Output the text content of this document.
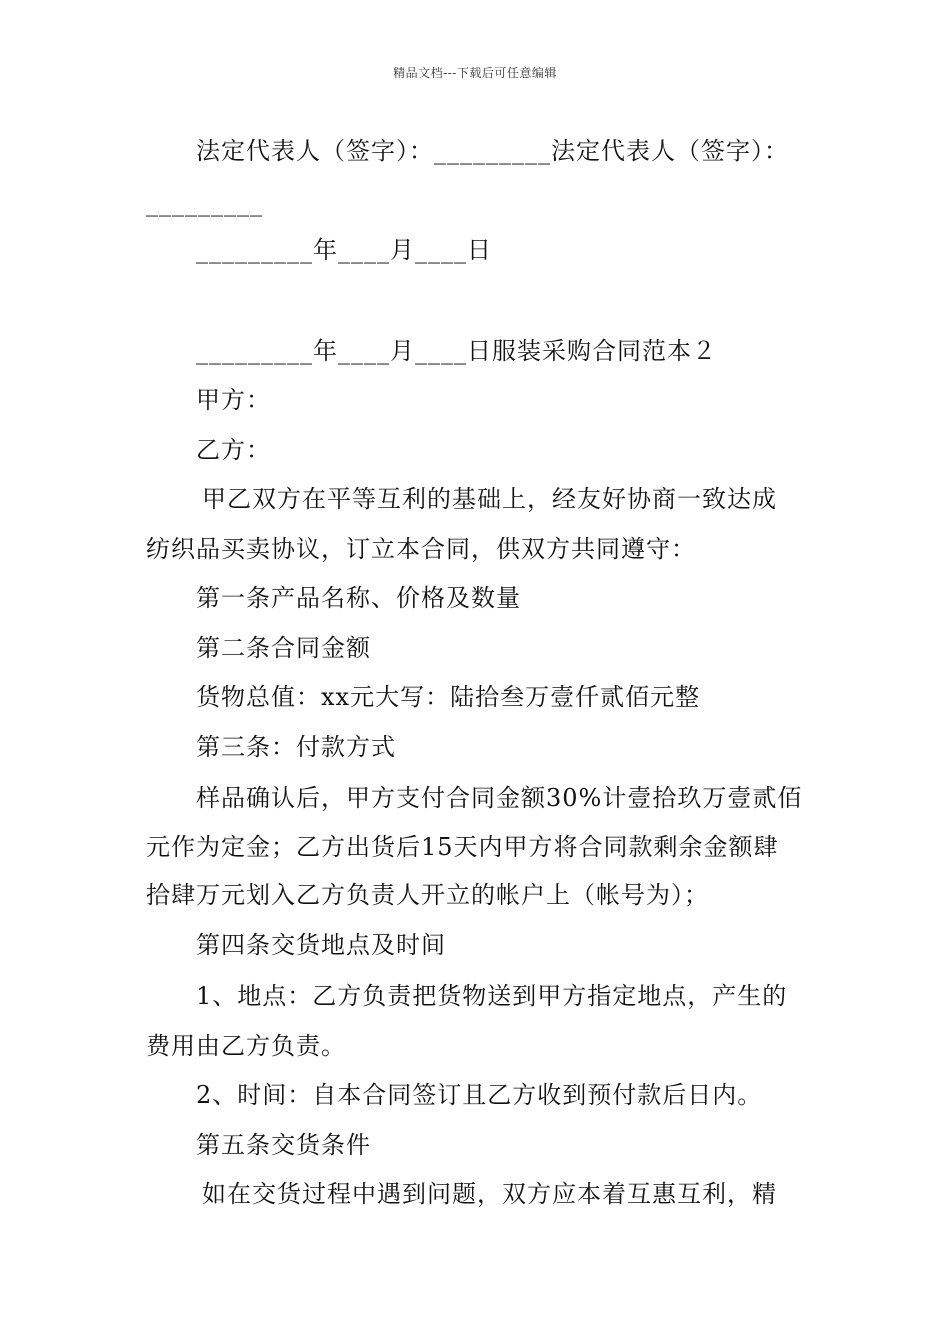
精品文档---下载后可任意编辑
法定代表人（签字）：_________法定代表人（签字）：
_________
_________年____月____日
_________年____月____日服装采购合同范本２
甲方：
乙方：
甲乙双方在平等互利的基础上，经友好协商一致达成
纺织品买卖协议，订立本合同，供双方共同遵守：
第一条产品名称、价格及数量
第二条合同金额
货物总值：xx元大写：陆拾叁万壹仟贰佰元整
第三条：付款方式
样品确认后，甲方支付合同金额30%计壹拾玖万壹贰佰
元作为定金；乙方出货后15天内甲方将合同款剩余金额肆
拾肆万元划入乙方负责人开立的帐户上（帐号为）；
第四条交货地点及时间
1、地点：乙方负责把货物送到甲方指定地点，产生的
费用由乙方负责。
2、时间：自本合同签订且乙方收到预付款后日内。
第五条交货条件
如在交货过程中遇到问题，双方应本着互惠互利，精
